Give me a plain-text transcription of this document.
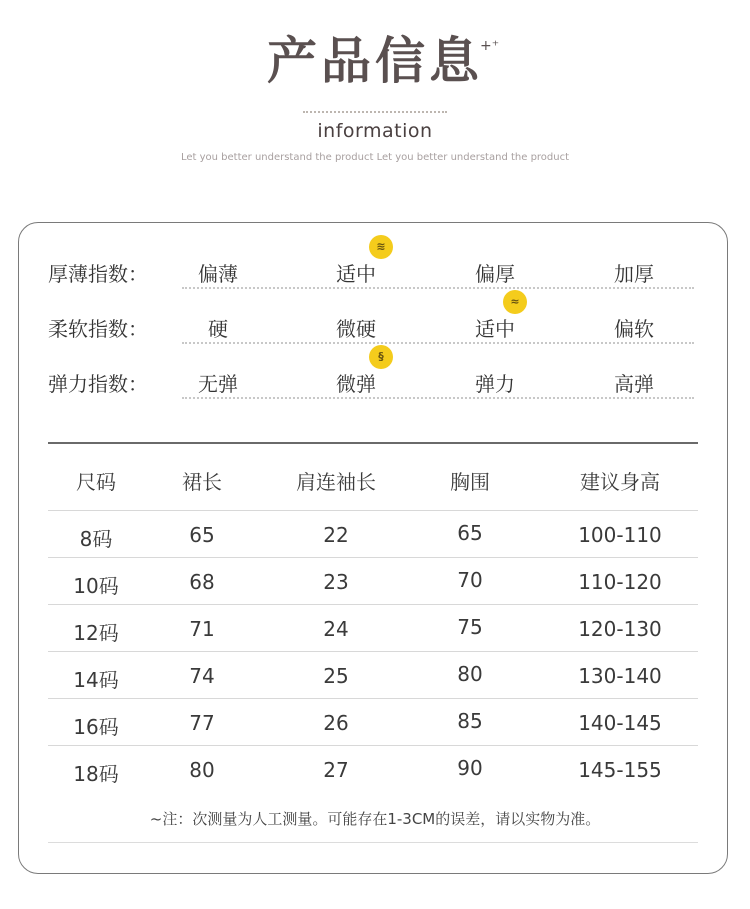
产品信息
+⁺
information
Let you better understand the product Let you better understand the product
厚薄指数：	偏薄	适中	偏厚	加厚
≋
柔软指数：	硬	微硬	适中	偏软
≈
弹力指数：	无弹	微弹	弹力	高弹
§
尺码	裙长	肩连袖长	胸围	建议身高
8码	65	22	65	100-110
10码	68	23	70	110-120
12码	71	24	75	120-130
14码	74	25	80	130-140
16码	77	26	85	140-145
18码	80	27	90	145-155
~注：次测量为人工测量。可能存在1-3CM的误差，请以实物为准。
